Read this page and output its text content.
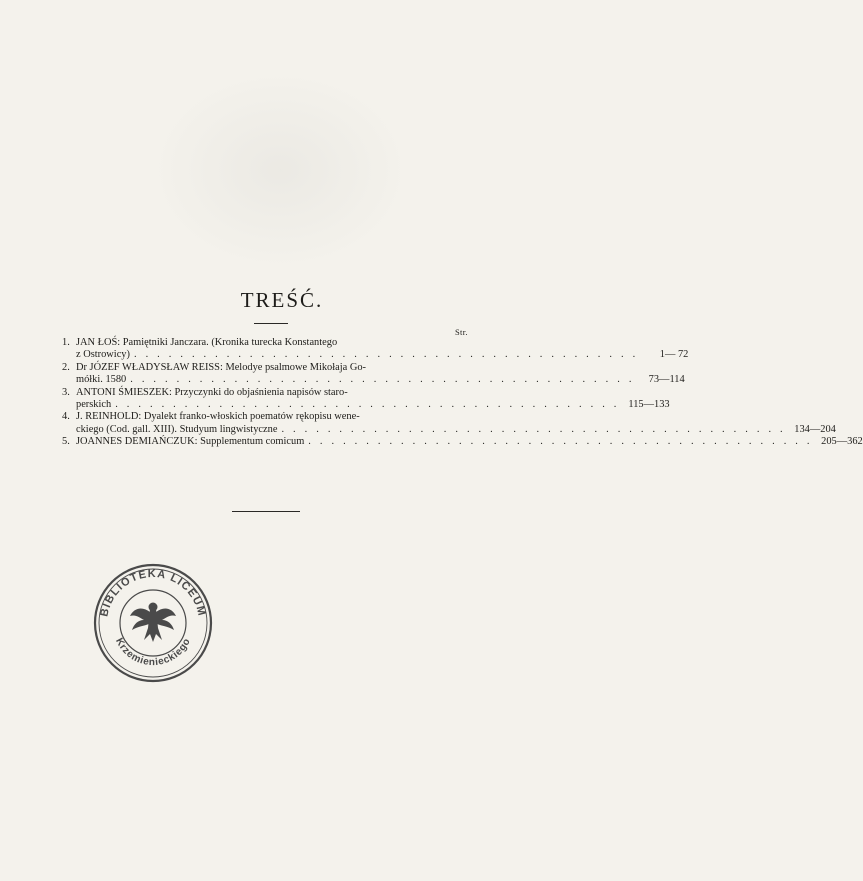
TREŚĆ.
Str.
1. JAN ŁOŚ: Pamiętniki Janczara. (Kronika turecka Konstantego
z Ostrowicy) . . . . . . . . . . . . . . . . . . . . . . . . . . . . . . . . . . . . . . . . . . . .	1— 72
2. Dr JÓZEF WŁADYSŁAW REISS: Melodye psalmowe Mikołaja Go-
mółki. 1580 . . . . . . . . . . . . . . . . . . . . . . . . . . . . . . . . . . . . . . . . . . . .	73—114
3. ANTONI ŚMIESZEK: Przyczynki do objaśnienia napisów staro-
perskich . . . . . . . . . . . . . . . . . . . . . . . . . . . . . . . . . . . . . . . . . . . . 115—133
4. J. REINHOLD: Dyalekt franko-włoskich poematów rękopisu wene-
ckiego (Cod. gall. XIII). Studyum lingwistyczne . . . . . . . . . . . . . . . . . . . . . . . . . . . . . . . . . . . . . . . . . . . . 134—204
5. JOANNES DEMIAŃCZUK: Supplementum comicum . . . . . . . . . . . . . . . . . . . . . . . . . . . . . . . . . . . . . . . . . . . . 205—362
BIBLIOTEKA LICEUM
Krzemienieckiego
